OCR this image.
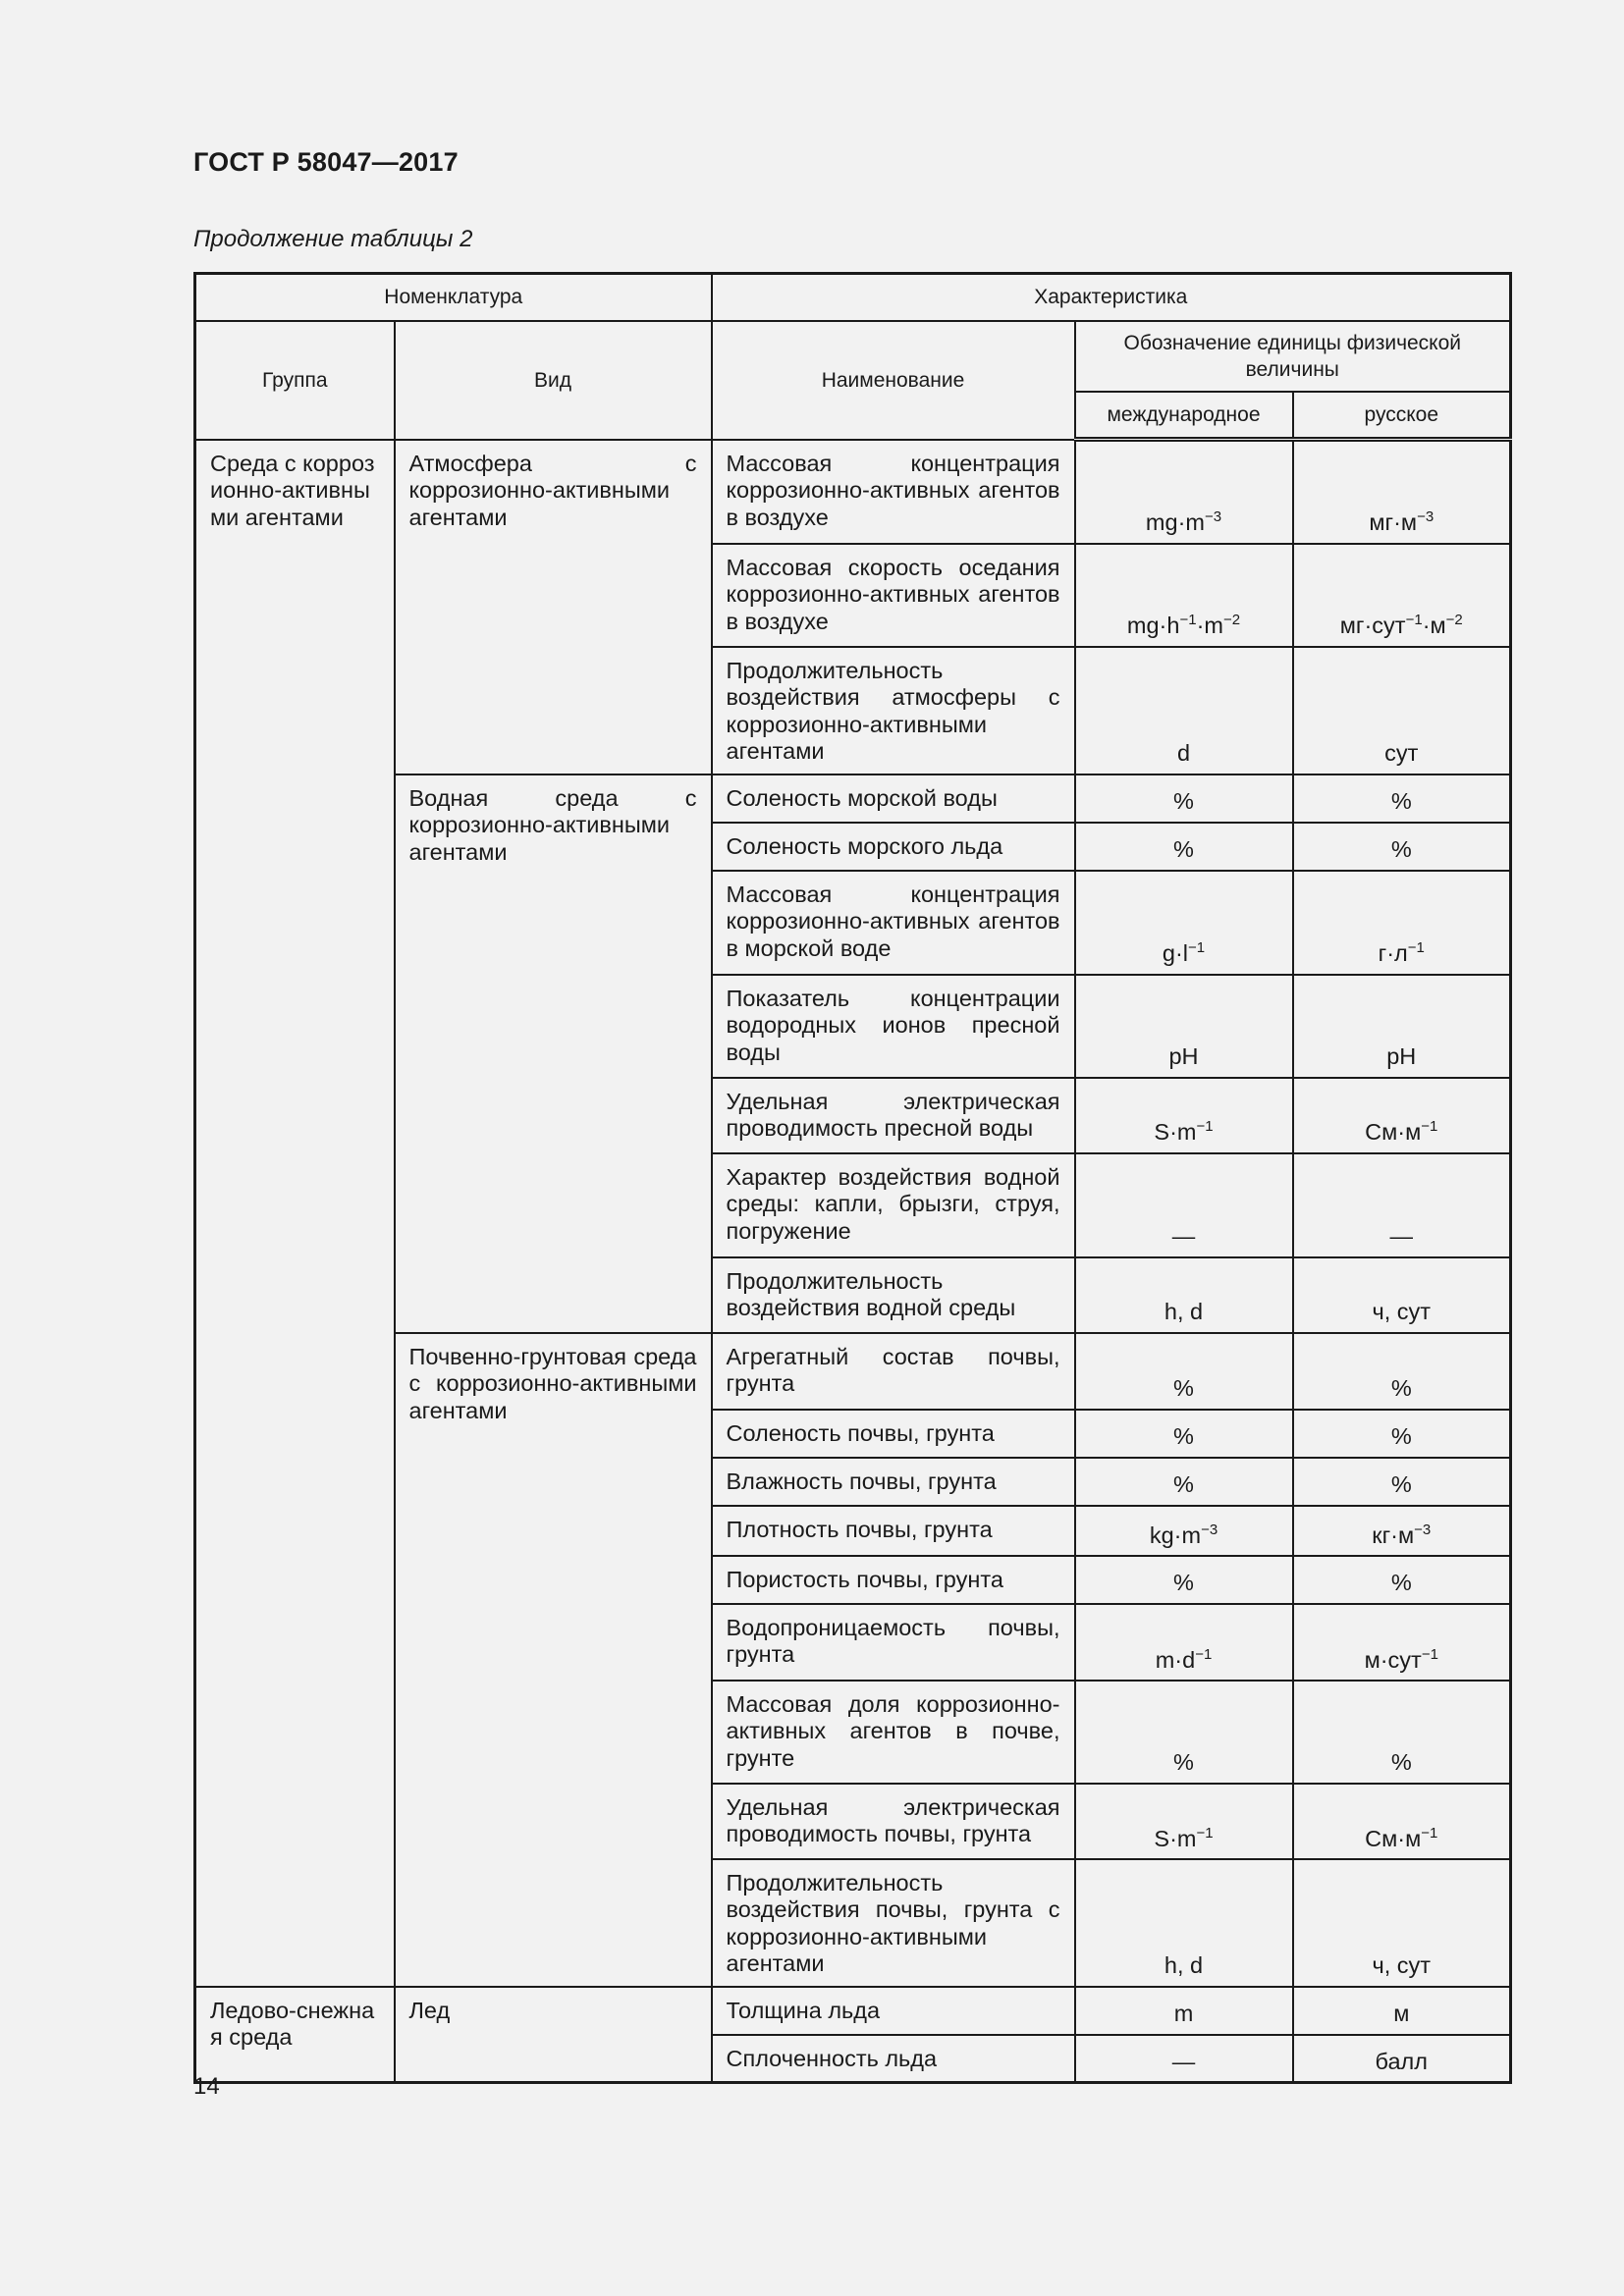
ГОСТ Р 58047—2017
Продолжение таблицы 2
Номенклатура		Характеристика		
Группа	Вид	Наименование	Обозначение единицы физической величины	
			международное	русское

Среда с коррозионно-активными агентами	Атмосфера с коррозионно-активными агентами	Массовая концентрация коррозионно-активных агентов в воздухе	$mg\cdot m^{-3}$	$мг\cdot м^{-3}$
		Массовая скорость оседания коррозионно-активных агентов в воздухе	$mg\cdot h^{-1}\cdot m^{-2}$	$мг\cdot сут^{-1}\cdot м^{-2}$
		Продолжительность воздействия атмосферы с коррозионно-активными агентами	d	сут
	Водная среда с коррозионно-активными агентами	Соленость морской воды	%	%
		Соленость морского льда	%	%
		Массовая концентрация коррозионно-активных агентов в морской воде	$g\cdot l^{-1}$	$г\cdot л^{-1}$
		Показатель концентрации водородных ионов пресной воды	pH	pH
		Удельная электрическая проводимость пресной воды	$S\cdot m^{-1}$	$См\cdot м^{-1}$
		Характер воздействия водной среды: капли, брызги, струя, погружение	—	—
		Продолжительность воздействия водной среды	h, d	ч, сут
	Почвенно-грунтовая среда с коррозионно-активными агентами	Агрегатный состав почвы, грунта	%	%
		Соленость почвы, грунта	%	%
		Влажность почвы, грунта	%	%
		Плотность почвы, грунта	$kg\cdot m^{-3}$	$кг\cdot м^{-3}$
		Пористость почвы, грунта	%	%
		Водопроницаемость почвы, грунта	$m\cdot d^{-1}$	м·сут$^{-1}$
		Массовая доля коррозионно-активных агентов в почве, грунте	%	%
		Удельная электрическая проводимость почвы, грунта	$S\cdot m^{-1}$	$См\cdot м^{-1}$
		Продолжительность воздействия почвы, грунта с коррозионно-активными агентами	h, d	ч, сут

Ледово-снежная среда	Лед	Толщина льда	m	м
		Сплоченность льда	—	балл
14
